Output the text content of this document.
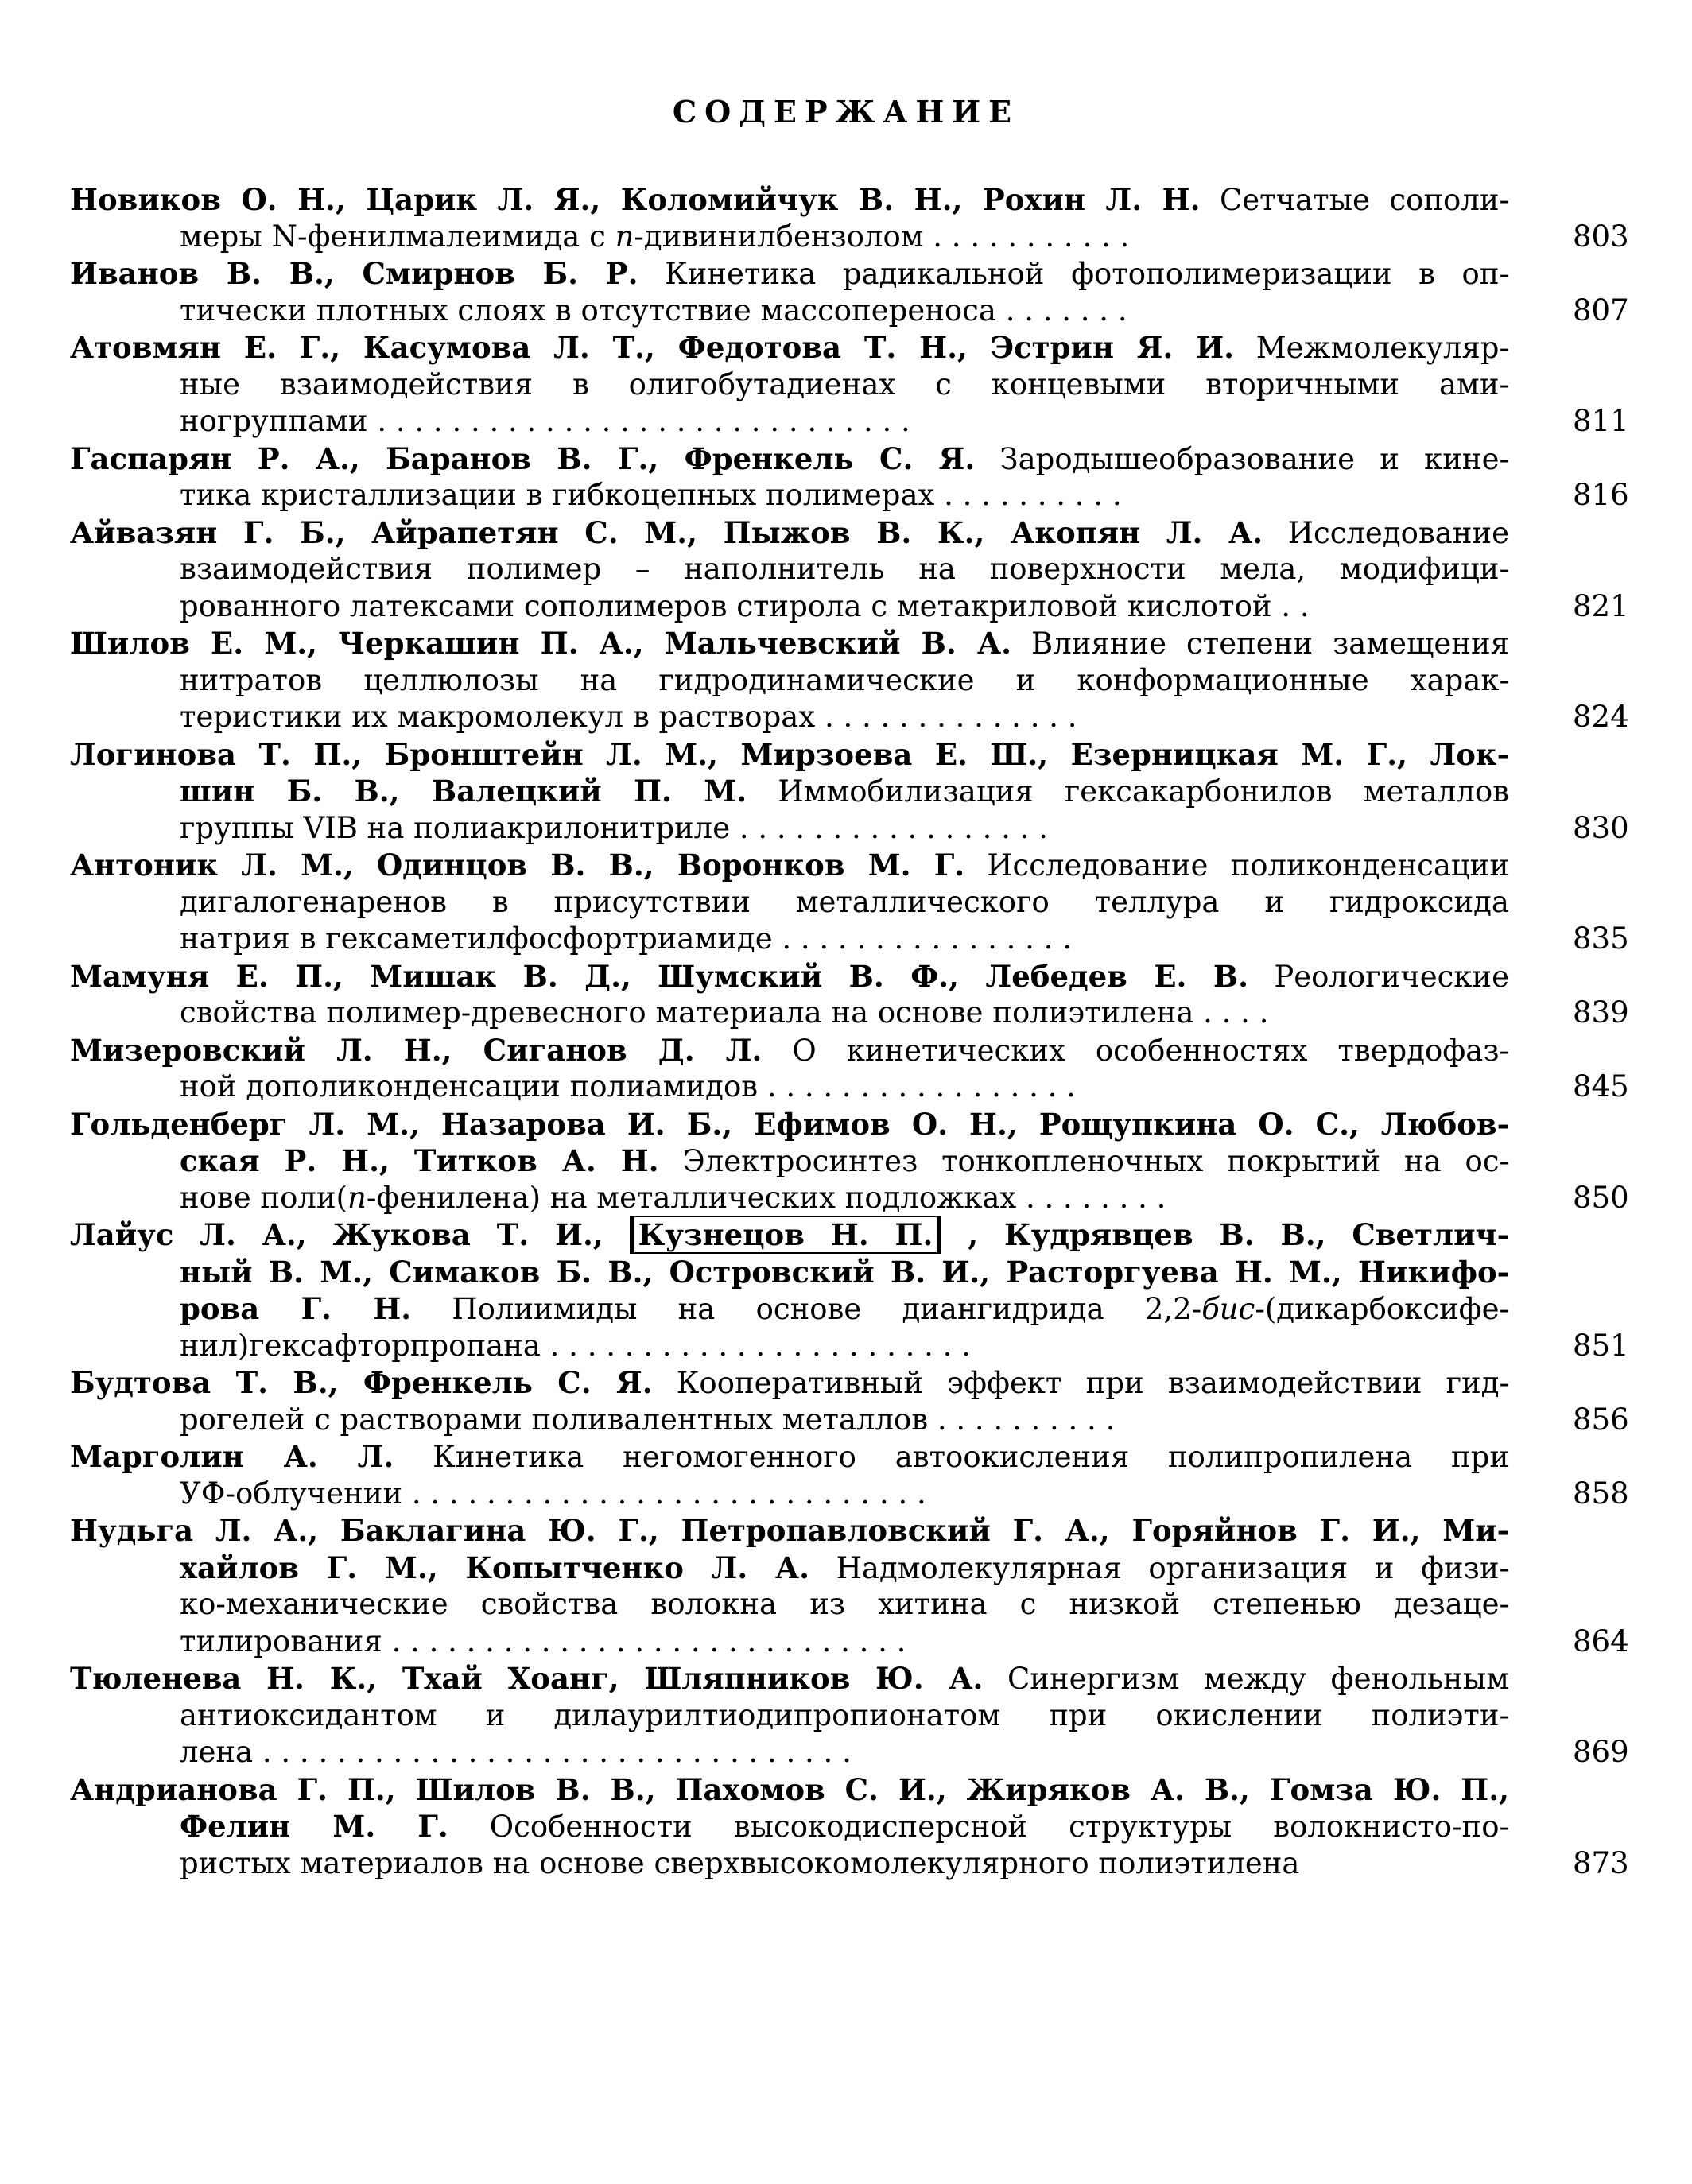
СОДЕРЖАНИЕ
Новиков О. Н., Царик Л. Я., Коломийчук В. Н., Рохин Л. Н. Сетчатые сополи-
меры N-фенилмалеимида с n-дивинилбензолом . . . . . . . . . . .	803
Иванов В. В., Смирнов Б. Р. Кинетика радикальной фотополимеризации в оп-
тически плотных слоях в отсутствие массопереноса . . . . . . .	807
Атовмян Е. Г., Касумова Л. Т., Федотова Т. Н., Эстрин Я. И. Межмолекуляр-
ные взаимодействия в олигобутадиенах с концевыми вторичными ами-
ногруппами . . . . . . . . . . . . . . . . . . . . . . . . . . . . .	811
Гаспарян Р. А., Баранов В. Г., Френкель С. Я. Зародышеобразование и кине-
тика кристаллизации в гибкоцепных полимерах . . . . . . . . . .	816
Айвазян Г. Б., Айрапетян С. М., Пыжов В. К., Акопян Л. А. Исследование
взаимодействия полимер – наполнитель на поверхности мела, модифици-
рованного латексами сополимеров стирола с метакриловой кислотой . .	821
Шилов Е. М., Черкашин П. А., Мальчевский В. А. Влияние степени замещения
нитратов целлюлозы на гидродинамические и конформационные харак-
теристики их макромолекул в растворах . . . . . . . . . . . . . .	824
Логинова Т. П., Бронштейн Л. М., Мирзоева Е. Ш., Езерницкая М. Г., Лок-
шин Б. В., Валецкий П. М. Иммобилизация гексакарбонилов металлов
группы VIB на полиакрилонитриле . . . . . . . . . . . . . . . . .	830
Антоник Л. М., Одинцов В. В., Воронков М. Г. Исследование поликонденсации
дигалогенаренов в присутствии металлического теллура и гидроксида
натрия в гексаметилфосфортриамиде . . . . . . . . . . . . . . . .	835
Мамуня Е. П., Мишак В. Д., Шумский В. Ф., Лебедев Е. В. Реологические
свойства полимер-древесного материала на основе полиэтилена . . . .	839
Мизеровский Л. Н., Сиганов Д. Л. О кинетических особенностях твердофаз-
ной дополиконденсации полиамидов . . . . . . . . . . . . . . . . .	845
Гольденберг Л. М., Назарова И. Б., Ефимов О. Н., Рощупкина О. С., Любов-
ская Р. Н., Титков А. Н. Электросинтез тонкопленочных покрытий на ос-
нове поли(n-фенилена) на металлических подложках . . . . . . . .	850
Лайус Л. А., Жукова Т. И., Кузнецов Н. П. , Кудрявцев В. В., Светлич-
ный В. М., Симаков Б. В., Островский В. И., Расторгуева Н. М., Никифо-
рова Г. Н. Полиимиды на основе диангидрида 2,2-бис-(дикарбоксифе-
нил)гексафторпропана . . . . . . . . . . . . . . . . . . . . . . .	851
Будтова Т. В., Френкель С. Я. Кооперативный эффект при взаимодействии гид-
рогелей с растворами поливалентных металлов . . . . . . . . . .	856
Марголин А. Л. Кинетика негомогенного автоокисления полипропилена при
УФ-облучении . . . . . . . . . . . . . . . . . . . . . . . . . . . .	858
Нудьга Л. А., Баклагина Ю. Г., Петропавловский Г. А., Горяйнов Г. И., Ми-
хайлов Г. М., Копытченко Л. А. Надмолекулярная организация и физи-
ко-механические свойства волокна из хитина с низкой степенью дезаце-
тилирования . . . . . . . . . . . . . . . . . . . . . . . . . . . .	864
Тюленева Н. К., Тхай Хоанг, Шляпников Ю. А. Синергизм между фенольным
антиоксидантом и дилаурилтиодипропионатом при окислении полиэти-
лена . . . . . . . . . . . . . . . . . . . . . . . . . . . . . . . .	869
Андрианова Г. П., Шилов В. В., Пахомов С. И., Жиряков А. В., Гомза Ю. П.,
Фелин М. Г. Особенности высокодисперсной структуры волокнисто-по-
ристых материалов на основе сверхвысокомолекулярного полиэтилена	873
